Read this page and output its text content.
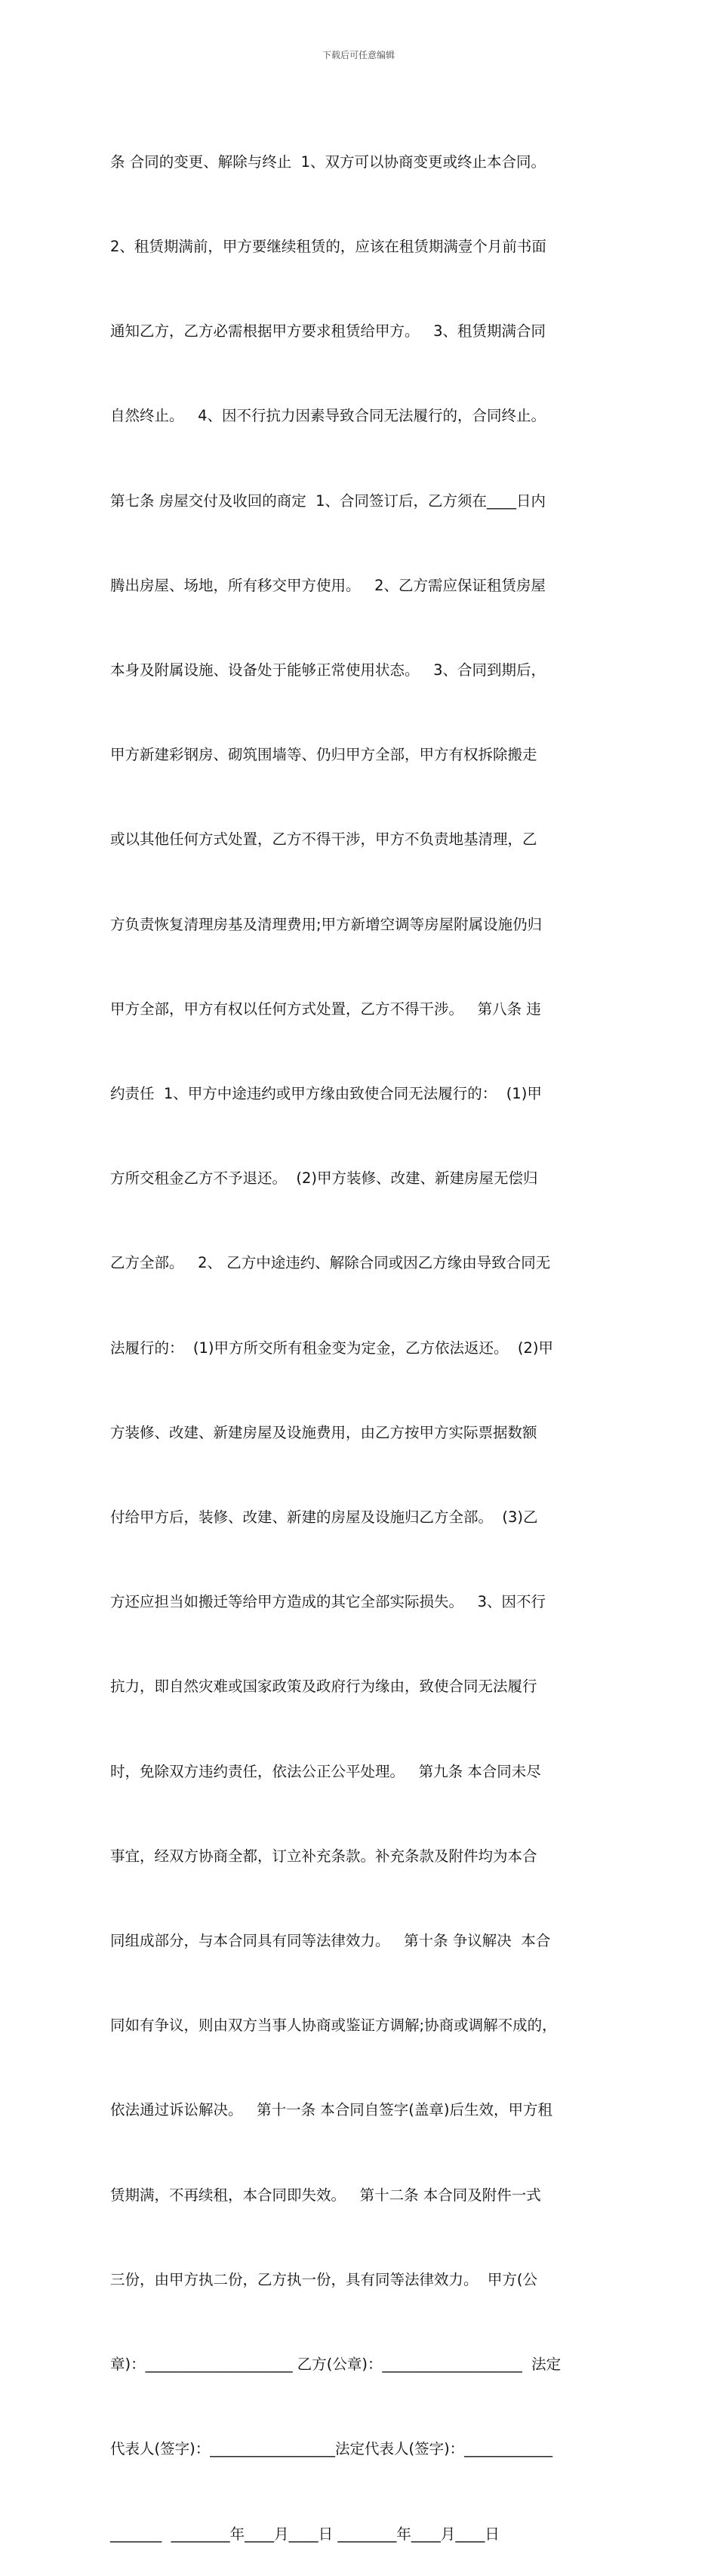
下载后可任意编辑

条 合同的变更、解除与终止  1、双方可以协商变更或终止本合同。

2、租赁期满前，甲方要继续租赁的，应该在租赁期满壹个月前书面

通知乙方，乙方必需根据甲方要求租赁给甲方。   3、租赁期满合同

自然终止。   4、因不行抗力因素导致合同无法履行的，合同终止。

第七条 房屋交付及收回的商定  1、合同签订后，乙方须在____日内

腾出房屋、场地，所有移交甲方使用。   2、乙方需应保证租赁房屋

本身及附属设施、设备处于能够正常使用状态。   3、合同到期后，

甲方新建彩钢房、砌筑围墙等、仍归甲方全部，甲方有权拆除搬走

或以其他任何方式处置，乙方不得干涉，甲方不负责地基清理，乙

方负责恢复清理房基及清理费用;甲方新增空调等房屋附属设施仍归

甲方全部，甲方有权以任何方式处置，乙方不得干涉。   第八条 违

约责任  1、甲方中途违约或甲方缘由致使合同无法履行的：  (1)甲

方所交租金乙方不予退还。  (2)甲方装修、改建、新建房屋无偿归

乙方全部。   2、 乙方中途违约、解除合同或因乙方缘由导致合同无

法履行的：  (1)甲方所交所有租金变为定金，乙方依法返还。  (2)甲

方装修、改建、新建房屋及设施费用，由乙方按甲方实际票据数额

付给甲方后，装修、改建、新建的房屋及设施归乙方全部。  (3)乙

方还应担当如搬迁等给甲方造成的其它全部实际损失。   3、因不行

抗力，即自然灾难或国家政策及政府行为缘由，致使合同无法履行

时，免除双方违约责任，依法公正公平处理。   第九条 本合同未尽

事宜，经双方协商全都，订立补充条款。补充条款及附件均为本合

同组成部分，与本合同具有同等法律效力。   第十条 争议解决  本合

同如有争议，则由双方当事人协商或鉴证方调解;协商或调解不成的，

依法通过诉讼解决。   第十一条 本合同自签字(盖章)后生效，甲方租

赁期满，不再续租，本合同即失效。   第十二条 本合同及附件一式

三份，由甲方执二份，乙方执一份，具有同等法律效力。  甲方(公

章)：____________________ 乙方(公章)：___________________  法定

代表人(签字)：_________________法定代表人(签字)：____________

_______  ________年____月____日 ________年____月____日
